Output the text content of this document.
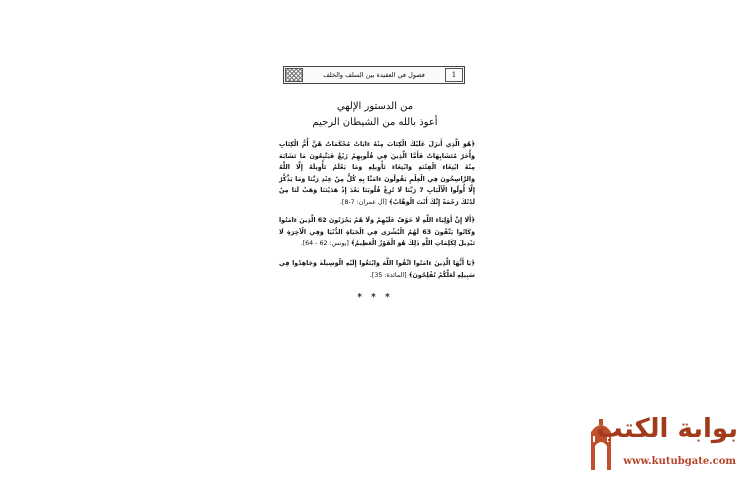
فصول في العقيدة بين السلف والخلف	1
من الدستور الإلهي
أعوذ بالله من الشيطان الرجيم
﴿هُوَ الَّذِي أَنزَلَ عَلَيْكَ الْكِتَابَ مِنْهُ ءَايَاتٌ مُحْكَمَاتٌ هُنَّ أُمُّ الْكِتَابِ وَأُخَرُ مُتَشَابِهَاتٌ فَأَمَّا الَّذِينَ فِي قُلُوبِهِمْ زَيْغٌ فَيَتَّبِعُونَ مَا تَشَابَهَ مِنْهُ ابْتِغَاءَ الْفِتْنَةِ وَابْتِغَاءَ تَأْوِيلِهِ وَمَا يَعْلَمُ تَأْوِيلَهُ إِلَّا اللَّهُ وَالرَّاسِخُونَ فِي الْعِلْمِ يَقُولُونَ ءَامَنَّا بِهِ كُلٌّ مِنْ عِنْدِ رَبِّنَا وَمَا يَذَّكَّرُ إِلَّا أُولُوا الْأَلْبَابِ 7 رَبَّنَا لَا تُزِغْ قُلُوبَنَا بَعْدَ إِذْ هَدَيْتَنَا وَهَبْ لَنَا مِنْ لَدُنْكَ رَحْمَةً إِنَّكَ أَنْتَ الْوَهَّابُ﴾ [آل عمران: 7-8].
﴿أَلَا إِنَّ أَوْلِيَاءَ اللَّهِ لَا خَوْفٌ عَلَيْهِمْ وَلَا هُمْ يَحْزَنُونَ 62 الَّذِينَ ءَامَنُوا وَكَانُوا يَتَّقُونَ 63 لَهُمُ الْبُشْرَى فِي الْحَيَاةِ الدُّنْيَا وَفِي الْآخِرَةِ لَا تَبْدِيلَ لِكَلِمَاتِ اللَّهِ ذَلِكَ هُوَ الْفَوْزُ الْعَظِيمُ﴾ [يونس: 62 - 64].
﴿يَا أَيُّهَا الَّذِينَ ءَامَنُوا اتَّقُوا اللَّهَ وَابْتَغُوا إِلَيْهِ الْوَسِيلَةَ وَجَاهِدُوا فِي سَبِيلِهِ لَعَلَّكُمْ تُفْلِحُونَ﴾ [المائدة: 35].
* * *
بوابة الكتب
www.kutubgate.com
